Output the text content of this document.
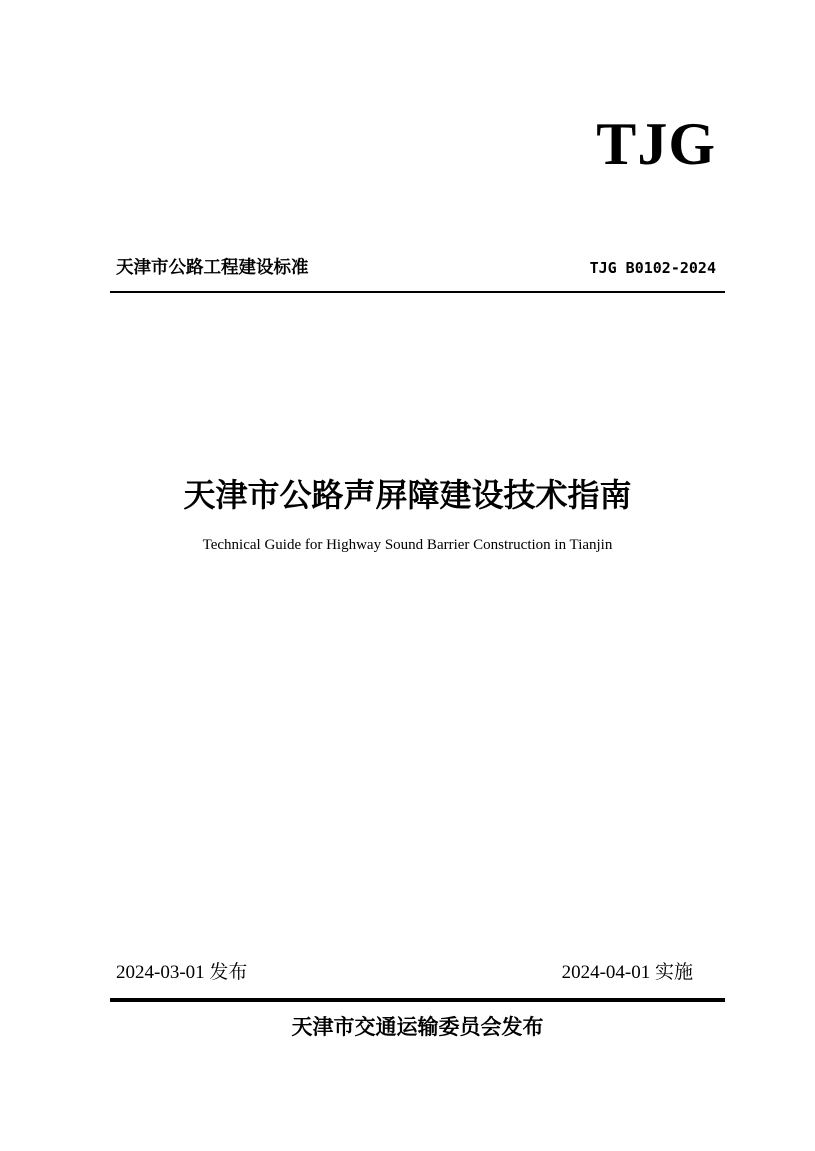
TJG
天津市公路工程建设标准	TJG B0102-2024
天津市公路声屏障建设技术指南
Technical Guide for Highway Sound Barrier Construction in Tianjin
2024-03-01 发布	2024-04-01 实施
天津市交通运输委员会发布
